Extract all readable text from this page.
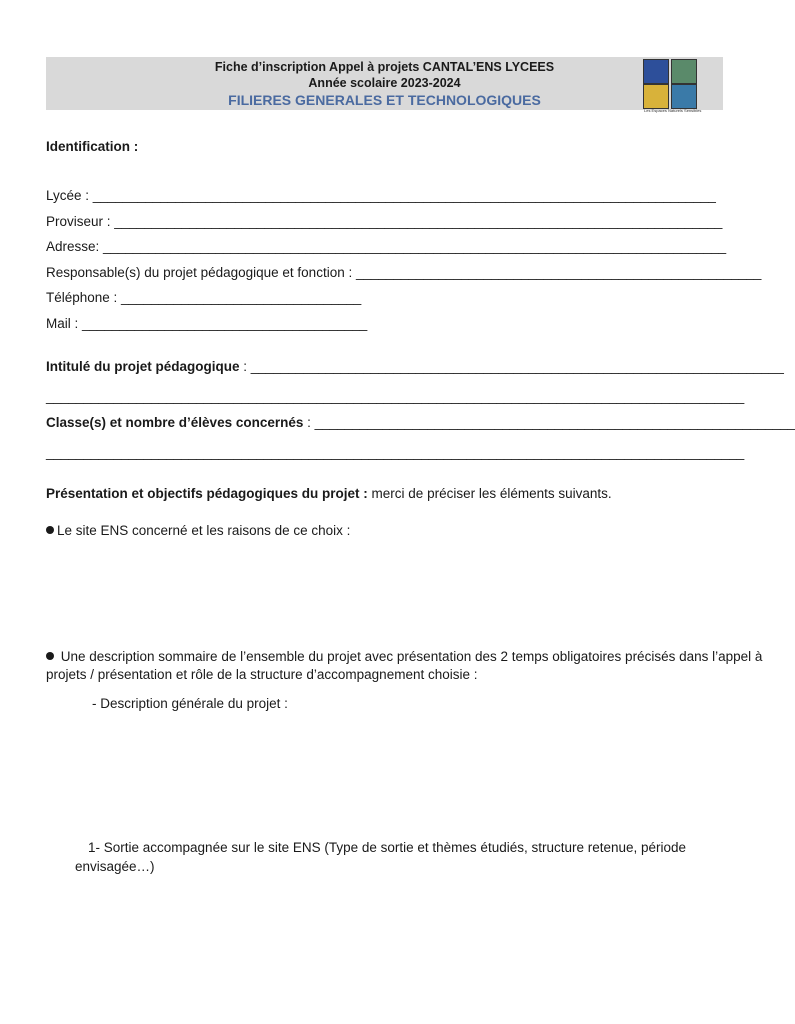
Fiche d’inscription Appel à projets CANTAL’ENS LYCEES
Année scolaire 2023-2024
FILIERES GENERALES ET TECHNOLOGIQUES
Les Espaces Naturels Sensibles
Identification :
Lycée : ___________________________________________________________________________________
Proviseur : _________________________________________________________________________________
Adresse: ___________________________________________________________________________________
Responsable(s) du projet pédagogique et fonction : ______________________________________________________
Téléphone : ________________________________
Mail : ______________________________________
Intitulé du projet pédagogique : _______________________________________________________________________
_____________________________________________________________________________________________
Classe(s) et nombre d’élèves concernés : ________________________________________________________________
_____________________________________________________________________________________________
Présentation et objectifs pédagogiques du projet : merci de préciser les éléments suivants.
Le site ENS concerné et les raisons de ce choix :
Une description sommaire de l’ensemble du projet avec présentation des 2 temps obligatoires précisés dans l’appel à
projets / présentation et rôle de la structure d’accompagnement choisie :
- Description générale du projet :
1- Sortie accompagnée sur le site ENS (Type de sortie et thèmes étudiés, structure retenue, période
envisagée…)
